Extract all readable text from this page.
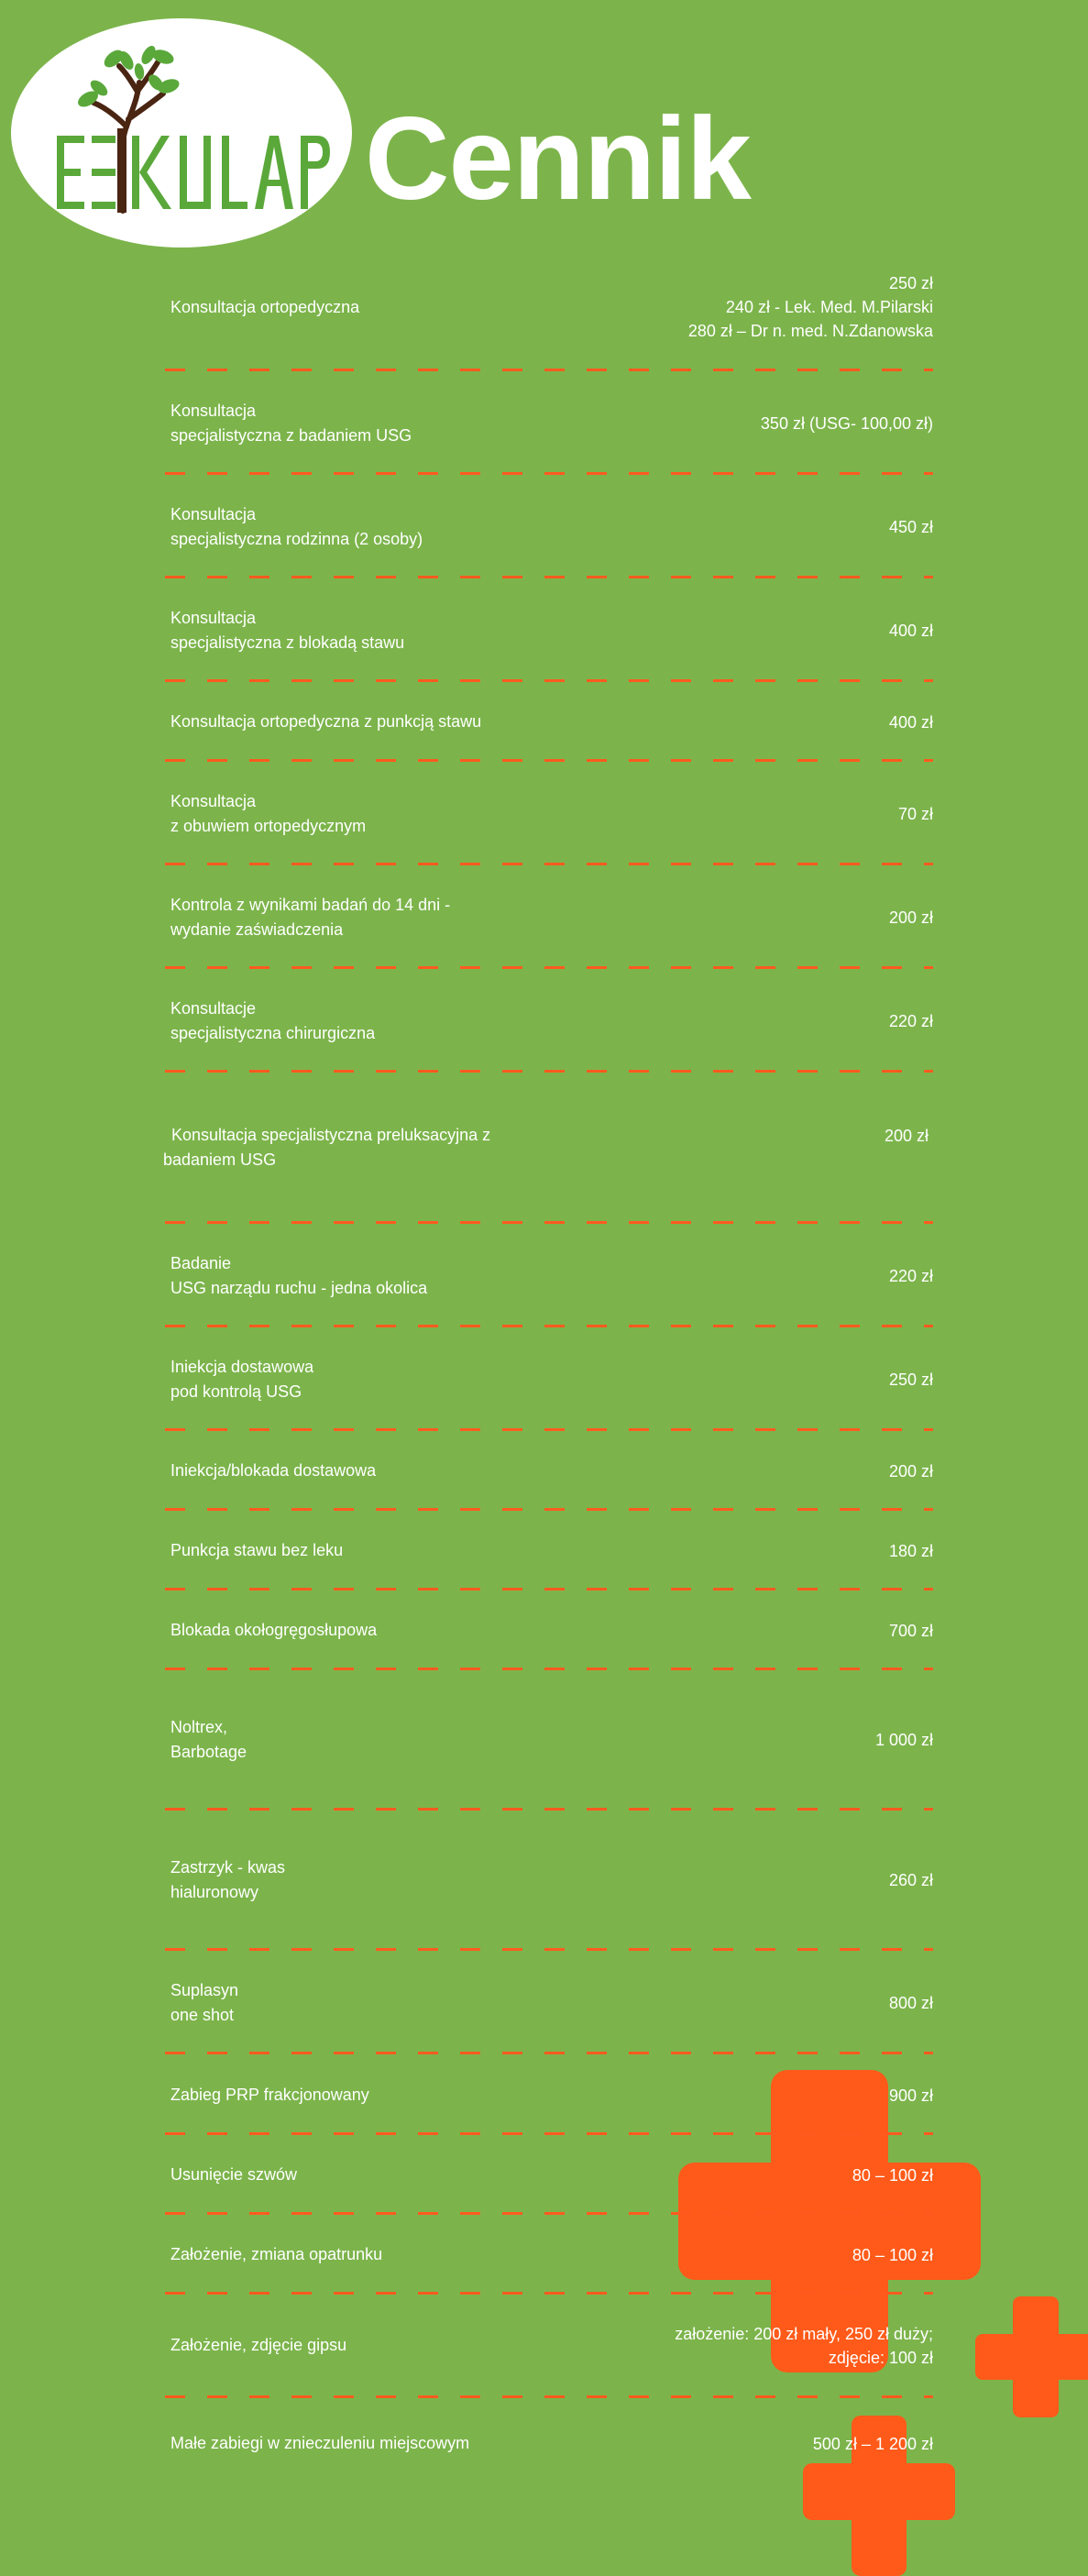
Cennik
Konsultacja ortopedyczna
250 zł
240 zł - Lek. Med. M.Pilarski
280 zł – Dr n. med. N.Zdanowska
Konsultacja
specjalistyczna z badaniem USG
350 zł (USG- 100,00 zł)
Konsultacja
specjalistyczna rodzinna (2 osoby)
450 zł
Konsultacja
specjalistyczna z blokadą stawu
400 zł
Konsultacja ortopedyczna z punkcją stawu	400 zł
Konsultacja
z obuwiem ortopedycznym
70 zł
Kontrola z wynikami badań do 14 dni -
wydanie zaświadczenia
200 zł
Konsultacje
specjalistyczna chirurgiczna
220 zł
Konsultacja specjalistyczna preluksacyjna z
badaniem USG
200 zł
Badanie
USG narządu ruchu - jedna okolica
220 zł
Iniekcja dostawowa
pod kontrolą USG
250 zł
Iniekcja/blokada dostawowa	200 zł
Punkcja stawu bez leku	180 zł
Blokada okołogręgosłupowa	700 zł
Noltrex,
Barbotage
1 000 zł
Zastrzyk - kwas
hialuronowy
260 zł
Suplasyn
one shot
800 zł
Zabieg PRP frakcjonowany	900 zł
Usunięcie szwów	80 – 100 zł
Założenie, zmiana opatrunku	80 – 100 zł
Założenie, zdjęcie gipsu
założenie: 200 zł mały, 250 zł duży;
zdjęcie: 100 zł
Małe zabiegi w znieczuleniu miejscowym	500 zł – 1 200 zł
